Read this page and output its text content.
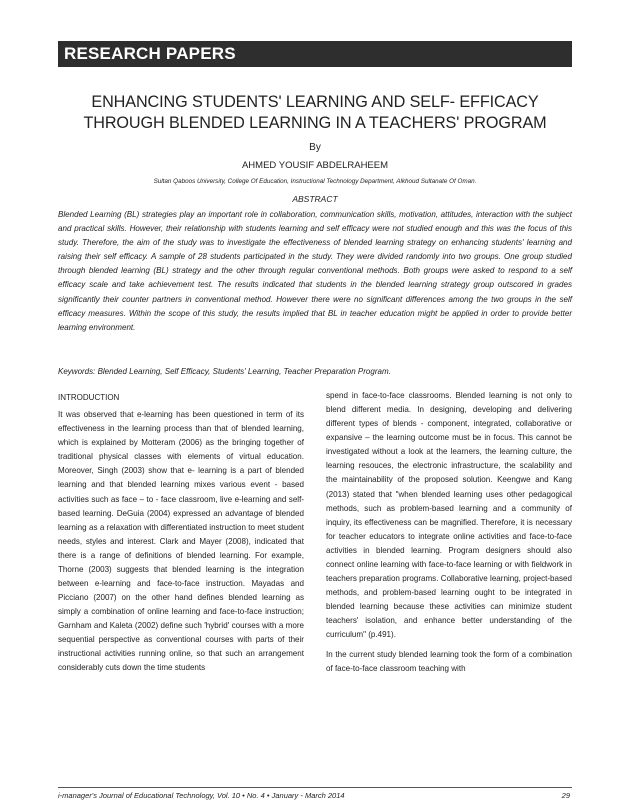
RESEARCH PAPERS
ENHANCING STUDENTS' LEARNING AND SELF- EFFICACY
THROUGH BLENDED LEARNING IN A TEACHERS' PROGRAM
By
AHMED YOUSIF ABDELRAHEEM
Sultan Qaboos University, College Of Education, Instructional Technology Department, Alkhoud Sultanate Of Oman.
ABSTRACT

Blended Learning (BL) strategies play an important role in collaboration, communication skills, motivation, attitudes, interaction with the subject and practical skills. However, their relationship with students learning and self efficacy were not studied enough and this was the focus of this study. Therefore, the aim of the study was to investigate the effectiveness of blended learning strategy on enhancing students' learning and raising their self efficacy. A sample of 28 students participated in the study. They were divided randomly into two groups. One group studied through blended learning (BL) strategy and the other through regular conventional methods. Both groups were asked to respond to a self efficacy scale and take achievement test. The results indicated that students in the blended learning strategy group outscored in grades significantly their counter partners in conventional method. However there were no significant differences among the two groups in the self efficacy measures. Within the scope of this study, the results implied that BL in teacher education might be applied in order to provide better learning environment.

Keywords: Blended Learning, Self Efficacy, Students' Learning, Teacher Preparation Program.

INTRODUCTION

It was observed that e-learning has been questioned in term of its effectiveness in the learning process than that of blended learning, which is explained by Motteram (2006) as the bringing together of traditional physical classes with elements of virtual education. Moreover, Singh (2003) show that e- learning is a part of blended learning and that blended learning mixes various event - based activities such as face – to - face classroom, live e-learning and self-based learning. DeGuia (2004) expressed an advantage of blended learning as a relaxation with differentiated instruction to meet student needs, styles and interest. Clark and Mayer (2008), indicated that there is a range of definitions of blended learning. For example, Thorne (2003) suggests that blended learning is the integration between e-learning and face-to-face instruction. Mayadas and Picciano (2007) on the other hand defines blended learning as simply a combination of online learning and face-to-face instruction; Garnham and Kaleta (2002) define such 'hybrid' courses with a more sequential perspective as conventional courses with parts of their instructional activities running online, so that such an arrangement considerably cuts down the time students

spend in face-to-face classrooms. Blended learning is not only to blend different media. In designing, developing and delivering different types of blends - component, integrated, collaborative or expansive – the learning outcome must be in focus. This cannot be investigated without a look at the learners, the learning culture, the learning resouces, the electronic infrastructure, the scalability and the maintainability of the proposed solution. Keengwe and Kang (2013) stated that "when blended learning uses other pedagogical methods, such as problem-based learning and a community of inquiry, its effectiveness can be magnified. Therefore, it is necessary for teacher educators to integrate online activities and face-to-face activities in blended learning. Program designers should also connect online learning with face-to-face learning or with fieldwork in teachers preparation programs. Collaborative learning, project-based methods, and problem-based learning ought to be integrated in blended learning because these activities can minimize student teachers' isolation, and enhance better understanding of the curriculum" (p.491).

In the current study blended learning took the form of a combination of face-to-face classroom teaching with

i-manager's Journal of Educational Technology, Vol. 10 • No. 4 • January - March 2014	29
